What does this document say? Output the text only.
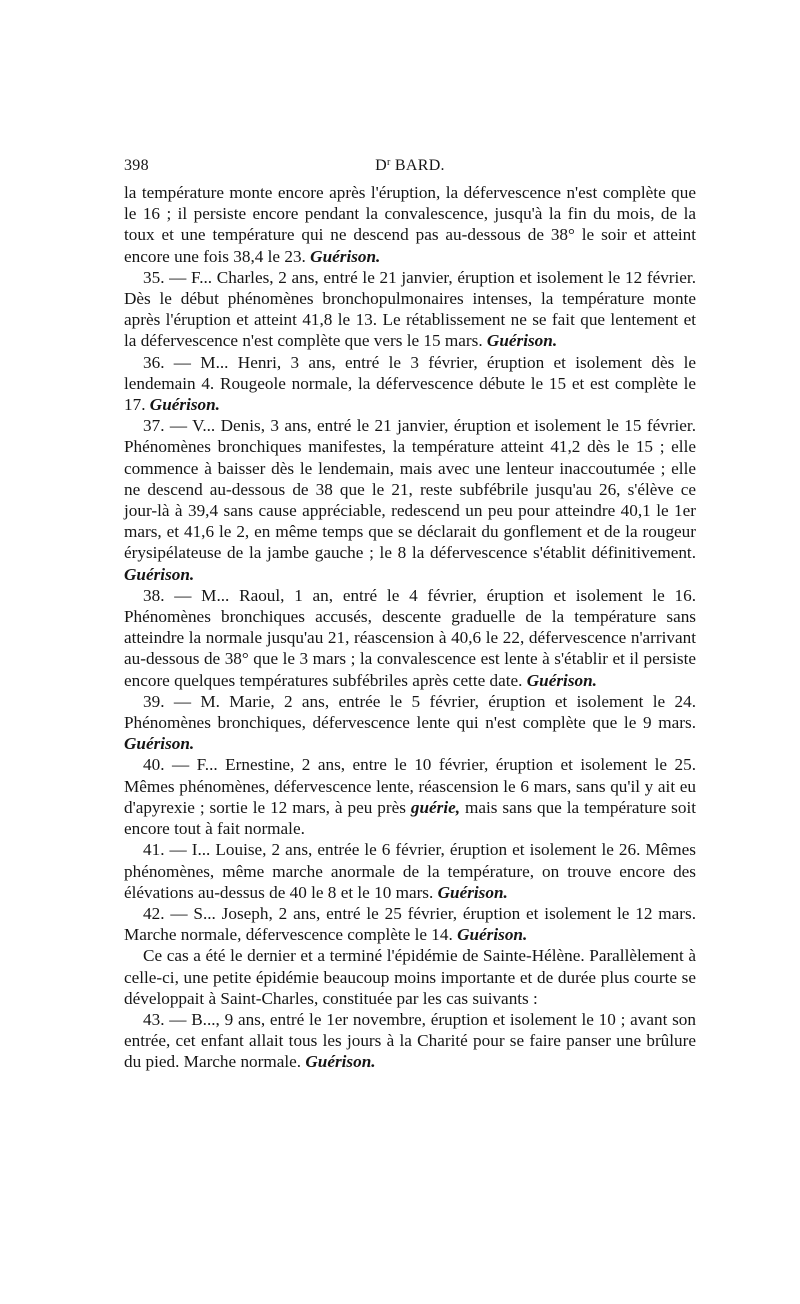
398	$D^r$ BARD.

la température monte encore après l'éruption, la défervescence n'est complète que le 16 ; il persiste encore pendant la convalescence, jusqu'à la fin du mois, de la toux et une température qui ne descend pas au-dessous de 38° le soir et atteint encore une fois 38,4 le 23. Guérison.

35. — F... Charles, 2 ans, entré le 21 janvier, éruption et isolement le 12 février. Dès le début phénomènes bronchopulmonaires intenses, la température monte après l'éruption et atteint 41,8 le 13. Le rétablissement ne se fait que lentement et la défervescence n'est complète que vers le 15 mars. Guérison.

36. — M... Henri, 3 ans, entré le 3 février, éruption et isolement dès le lendemain 4. Rougeole normale, la défervescence débute le 15 et est complète le 17. Guérison.

37. — V... Denis, 3 ans, entré le 21 janvier, éruption et isolement le 15 février. Phénomènes bronchiques manifestes, la température atteint 41,2 dès le 15 ; elle commence à baisser dès le lendemain, mais avec une lenteur inaccoutumée ; elle ne descend au-dessous de 38 que le 21, reste subfébrile jusqu'au 26, s'élève ce jour-là à 39,4 sans cause appréciable, redescend un peu pour atteindre 40,1 le 1er mars, et 41,6 le 2, en même temps que se déclarait du gonflement et de la rougeur érysipélateuse de la jambe gauche ; le 8 la défervescence s'établit définitivement. Guérison.

38. — M... Raoul, 1 an, entré le 4 février, éruption et isolement le 16. Phénomènes bronchiques accusés, descente graduelle de la température sans atteindre la normale jusqu'au 21, réascension à 40,6 le 22, défervescence n'arrivant au-dessous de 38° que le 3 mars ; la convalescence est lente à s'établir et il persiste encore quelques températures subfébriles après cette date. Guérison.

39. — M. Marie, 2 ans, entrée le 5 février, éruption et isolement le 24. Phénomènes bronchiques, défervescence lente qui n'est complète que le 9 mars. Guérison.

40. — F... Ernestine, 2 ans, entre le 10 février, éruption et isolement le 25. Mêmes phénomènes, défervescence lente, réascension le 6 mars, sans qu'il y ait eu d'apyrexie ; sortie le 12 mars, à peu près guérie, mais sans que la température soit encore tout à fait normale.

41. — I... Louise, 2 ans, entrée le 6 février, éruption et isolement le 26. Mêmes phénomènes, même marche anormale de la température, on trouve encore des élévations au-dessus de 40 le 8 et le 10 mars. Guérison.

42. — S... Joseph, 2 ans, entré le 25 février, éruption et isolement le 12 mars. Marche normale, défervescence complète le 14. Guérison.

Ce cas a été le dernier et a terminé l'épidémie de Sainte-Hélène. Parallèlement à celle-ci, une petite épidémie beaucoup moins importante et de durée plus courte se développait à Saint-Charles, constituée par les cas suivants :

43. — B..., 9 ans, entré le 1er novembre, éruption et isolement le 10 ; avant son entrée, cet enfant allait tous les jours à la Charité pour se faire panser une brûlure du pied. Marche normale. Guérison.
